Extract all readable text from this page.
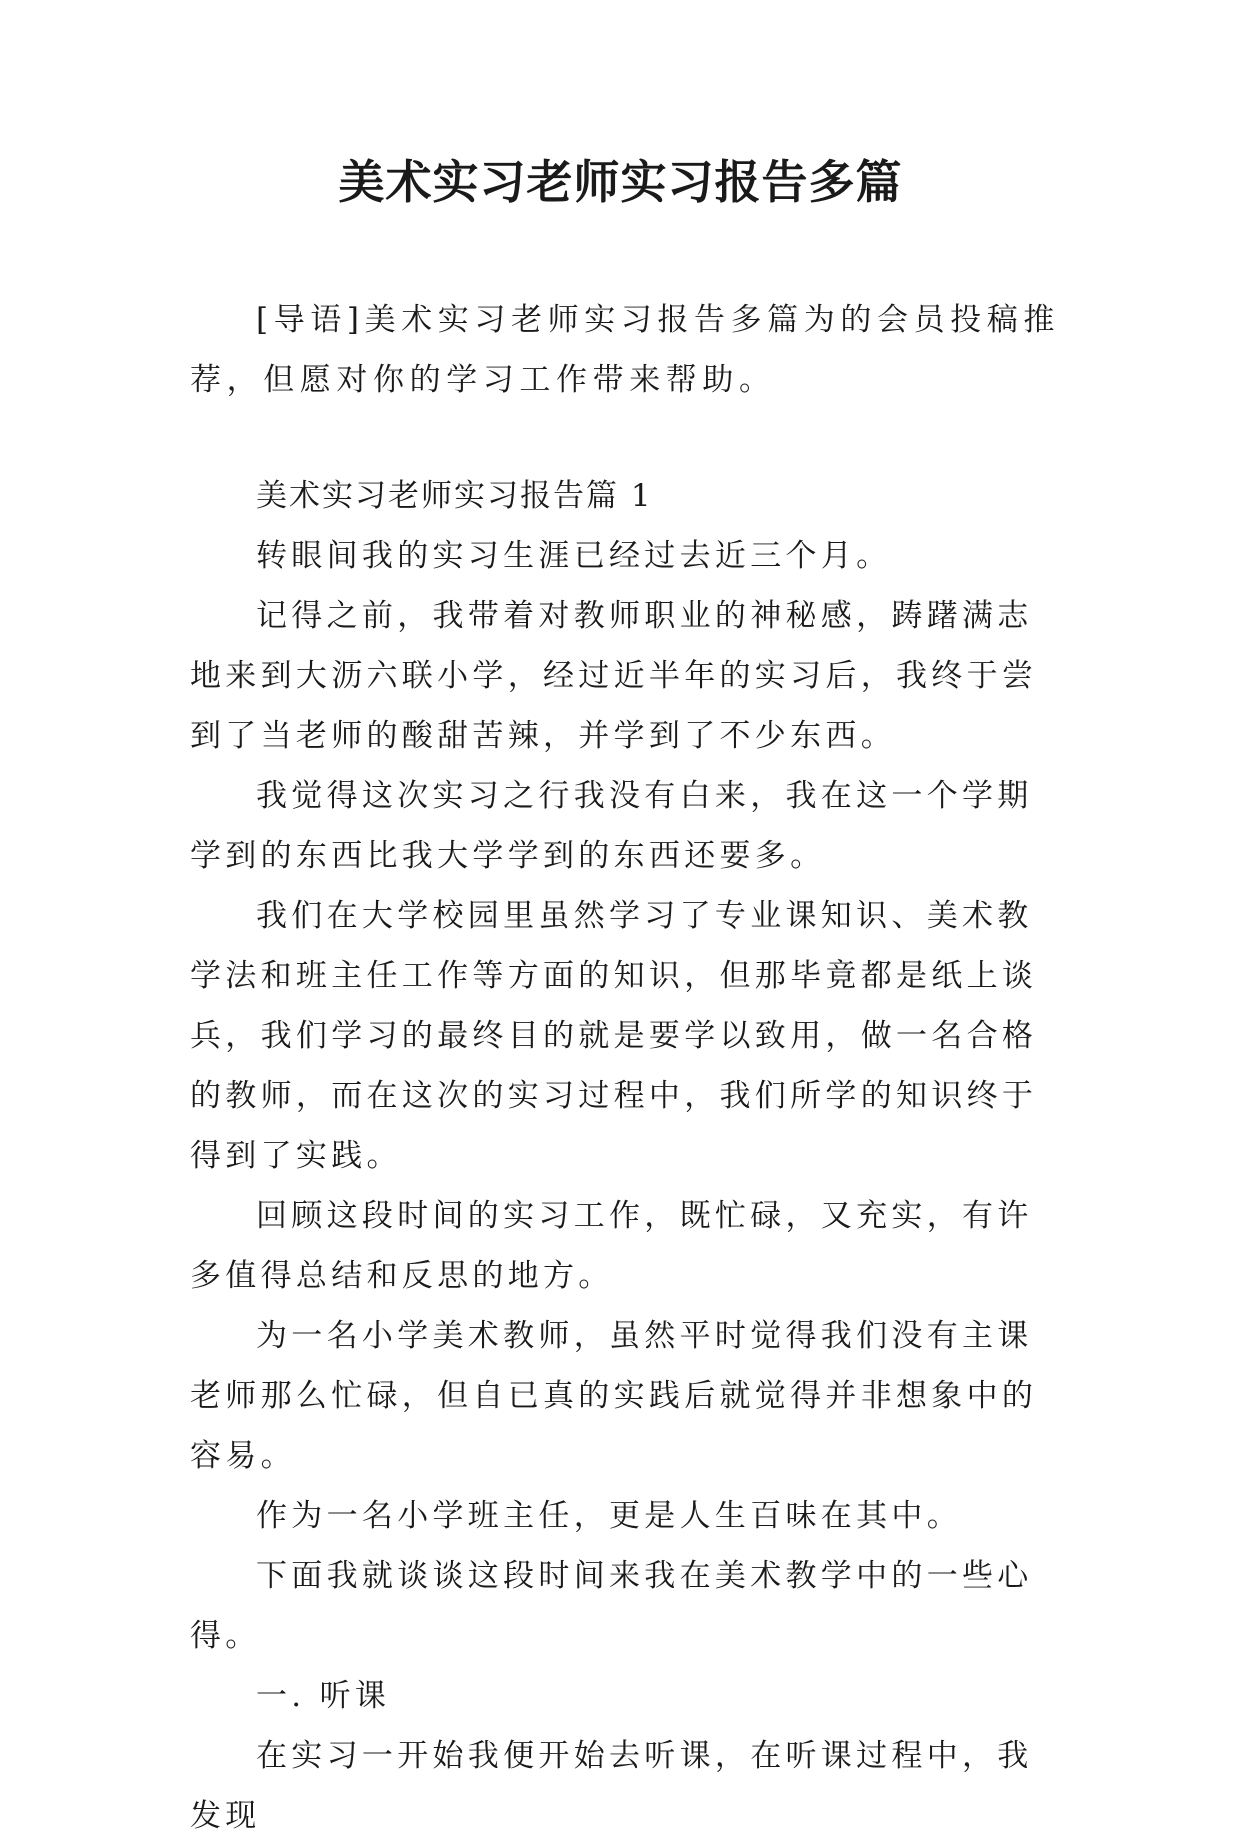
美术实习老师实习报告多篇

[导语]美术实习老师实习报告多篇为的会员投稿推荐，但愿对你的学习工作带来帮助。

美术实习老师实习报告篇 1

转眼间我的实习生涯已经过去近三个月。

记得之前，我带着对教师职业的神秘感，踌躇满志地来到大沥六联小学，经过近半年的实习后，我终于尝到了当老师的酸甜苦辣，并学到了不少东西。

我觉得这次实习之行我没有白来，我在这一个学期学到的东西比我大学学到的东西还要多。

我们在大学校园里虽然学习了专业课知识、美术教学法和班主任工作等方面的知识，但那毕竟都是纸上谈兵，我们学习的最终目的就是要学以致用，做一名合格的教师，而在这次的实习过程中，我们所学的知识终于得到了实践。

回顾这段时间的实习工作，既忙碌，又充实，有许多值得总结和反思的地方。

为一名小学美术教师，虽然平时觉得我们没有主课老师那么忙碌，但自已真的实践后就觉得并非想象中的容易。

作为一名小学班主任，更是人生百味在其中。

下面我就谈谈这段时间来我在美术教学中的一些心得。

一. 听课

在实习一开始我便开始去听课，在听课过程中，我发现
